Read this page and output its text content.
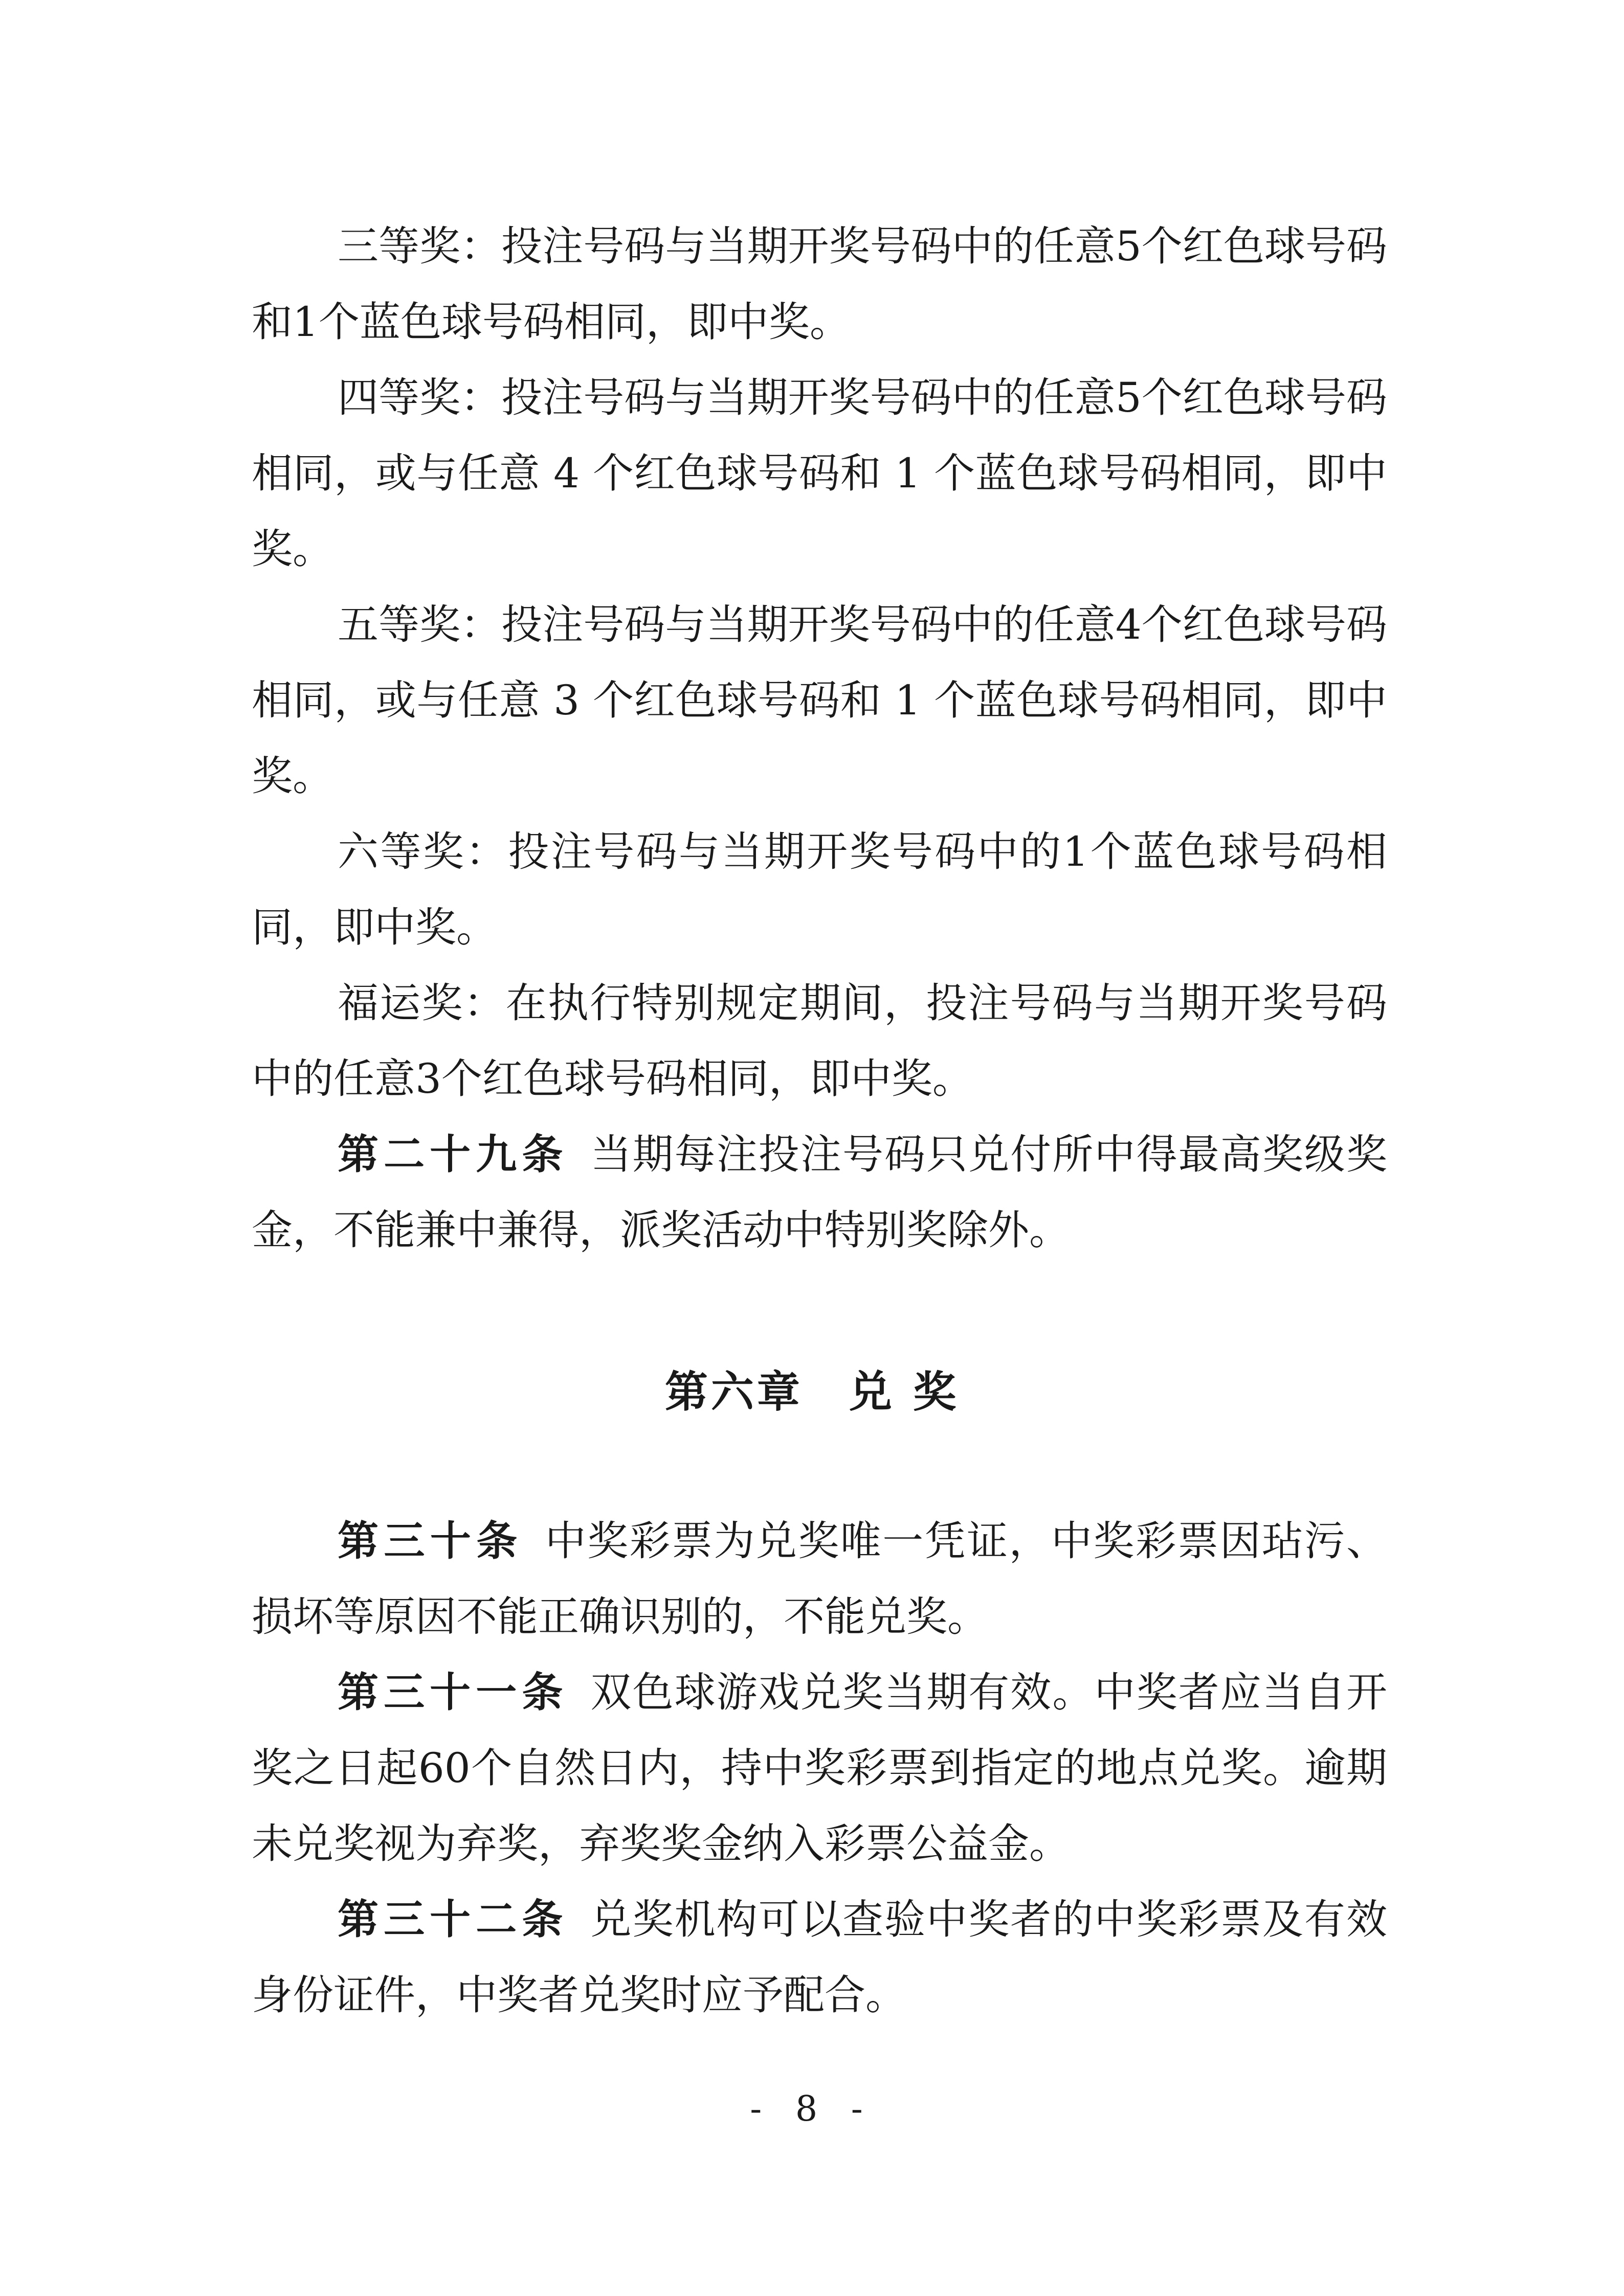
三等奖：投注号码与当期开奖号码中的任意5个红色球号码和1个蓝色球号码相同，即中奖。

四等奖：投注号码与当期开奖号码中的任意5个红色球号码相同，或与任意 4 个红色球号码和 1 个蓝色球号码相同，即中奖。

五等奖：投注号码与当期开奖号码中的任意4个红色球号码相同，或与任意 3 个红色球号码和 1 个蓝色球号码相同，即中奖。

六等奖：投注号码与当期开奖号码中的1个蓝色球号码相同，即中奖。

福运奖：在执行特别规定期间，投注号码与当期开奖号码中的任意3个红色球号码相同，即中奖。

第二十九条 当期每注投注号码只兑付所中得最高奖级奖金，不能兼中兼得，派奖活动中特别奖除外。

第六章　兑 奖

第三十条 中奖彩票为兑奖唯一凭证，中奖彩票因玷污、损坏等原因不能正确识别的，不能兑奖。

第三十一条 双色球游戏兑奖当期有效。中奖者应当自开奖之日起60个自然日内，持中奖彩票到指定的地点兑奖。逾期未兑奖视为弃奖，弃奖奖金纳入彩票公益金。

第三十二条 兑奖机构可以查验中奖者的中奖彩票及有效身份证件，中奖者兑奖时应予配合。

- 8 -
